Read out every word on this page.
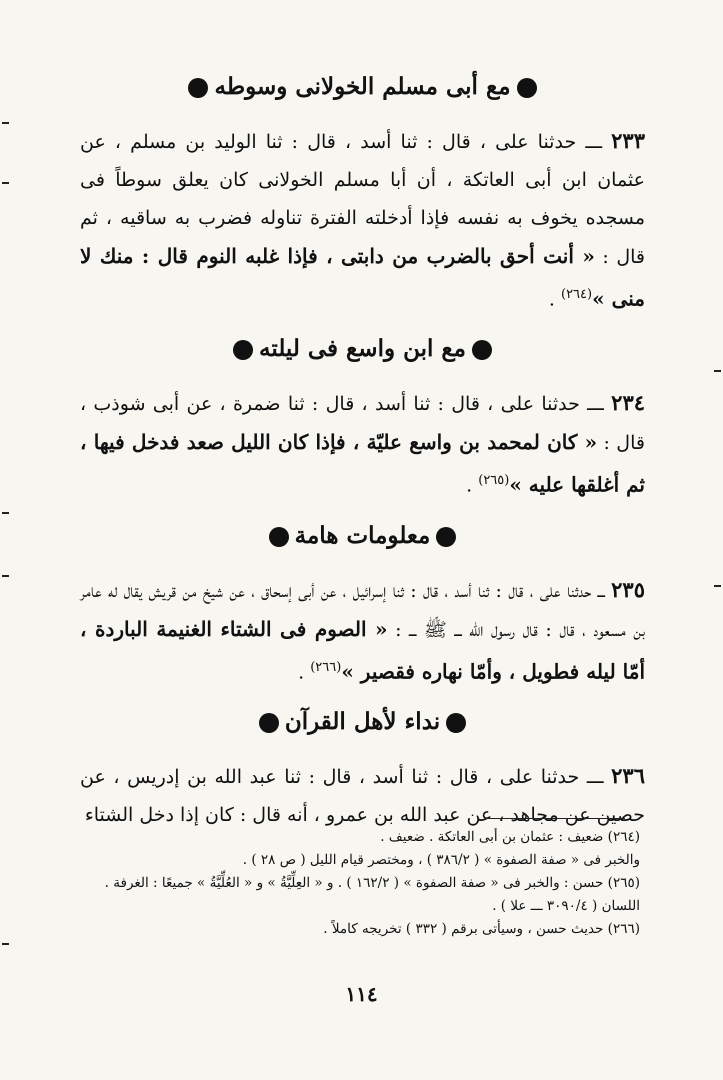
مع أبى مسلم الخولانى وسوطه

٢٣٣ ـــ حدثنا على ، قال : ثنا أسد ، قال : ثنا الوليد بن مسلم ، عن عثمان ابن أبى العاتكة ، أن أبا مسلم الخولانى كان يعلق سوطاً فى مسجده يخوف به نفسه فإذا أدخلته الفترة تناوله فضرب به ساقيه ، ثم قال : « أنت أحق بالضرب من دابتى ، فإذا غلبه النوم قال : منك لا منى »$^{(٢٦٤)}$ .

مع ابن واسع فى ليلته

٢٣٤ ـــ حدثنا على ، قال : ثنا أسد ، قال : ثنا ضمرة ، عن أبى شوذب ، قال : « كان لمحمد بن واسع عليّة ، فإذا كان الليل صعد فدخل فيها ، ثم أغلقها عليه »$^{(٢٦٥)}$ .

معلومات هامة

٢٣٥ ـــ حدثنا على ، قال : ثنا أسد ، قال : ثنا إسرائيل ، عن أبى إسحاق ، عن شيخ من قريش يقال له عامر بن مسعود ، قال : قال رسول الله ـــ ﷺ ـــ : « الصوم فى الشتاء الغنيمة الباردة ، أمّا ليله فطويل ، وأمّا نهاره فقصير »$^{(٢٦٦)}$ .

نداء لأهل القرآن

٢٣٦ ـــ حدثنا على ، قال : ثنا أسد ، قال : ثنا عبد الله بن إدريس ، عن حصين عن مجاهد ، عن عبد الله بن عمرو ، أنه قال : كان إذا دخل الشتاء

(٢٦٤) ضعيف : عثمان بن أبى العاتكة . ضعيف .
والخبر فى « صفة الصفوة » ( ٣٨٦/٢ ) ، ومختصر قيام الليل ( ص ٢٨ ) .
(٢٦٥) حسن : والخبر فى « صفة الصفوة » ( ١٦٢/٢ ) . و « العِلِّيَّةُ » و « العُلِّيَّةُ » جميعًا : الغرفة .
اللسان ( ٣٠٩٠/٤ ـــ علا ) .
(٢٦٦) حديث حسن ، وسيأتى برقم ( ٣٣٢ ) تخريجه كاملاً .
١١٤
